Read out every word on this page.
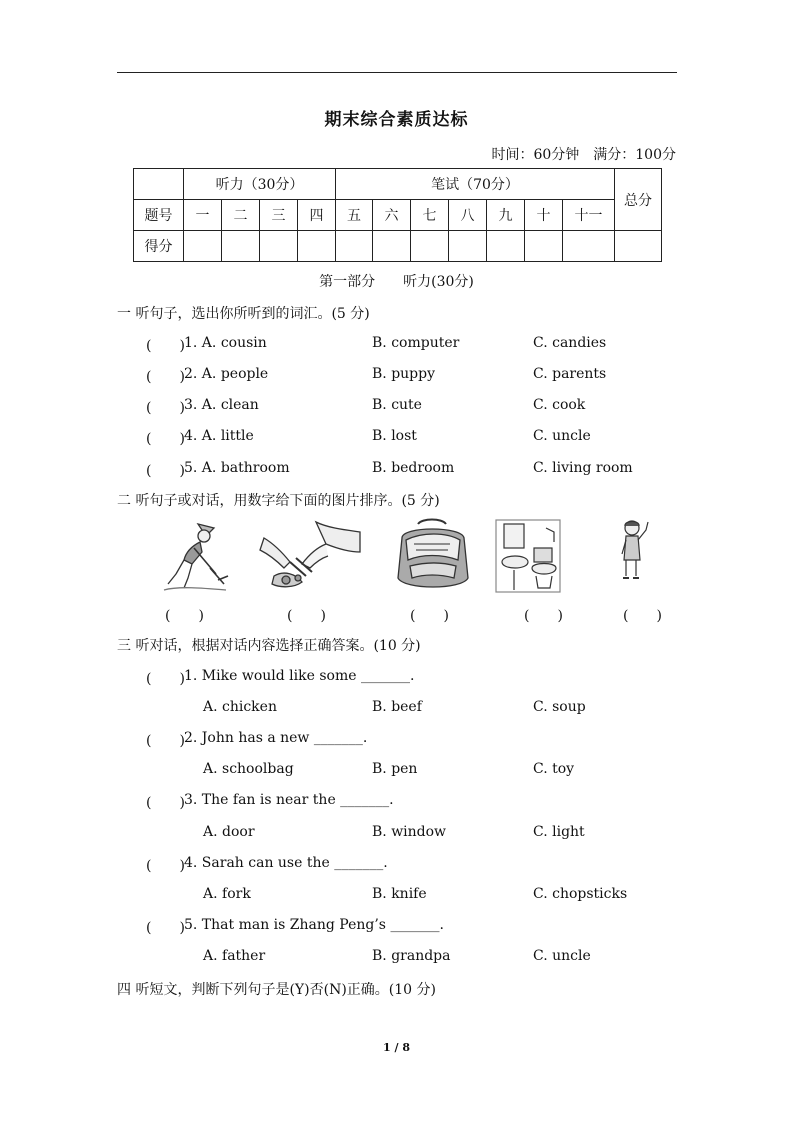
期末综合素质达标
时间：60分钟　满分：100分
	听力（30分）				笔试（70分）							总分
题号	一	二	三	四	五	六	七	八	九	十	十一	
得分												
第一部分 听力(30分)
一 听句子，选出你所听到的词汇。(5 分)
(　　) 1. A. cousin	B. computer	C. candies
(　　) 2. A. people	B. puppy	C. parents
(　　) 3. A. clean	B. cute	C. cook
(　　) 4. A. little	B. lost	C. uncle
(　　) 5. A. bathroom	B. bedroom	C. living room
二 听句子或对话，用数字给下面的图片排序。(5 分)
(　　)	(　　)	(　　)	(　　)	(　　)
三 听对话，根据对话内容选择正确答案。(10 分)
(　　) 1. Mike would like some _______.
A. chicken	B. beef	C. soup
(　　) 2. John has a new _______.
A. schoolbag	B. pen	C. toy
(　　) 3. The fan is near the _______.
A. door	B. window	C. light
(　　) 4. Sarah can use the _______.
A. fork	B. knife	C. chopsticks
(　　) 5. That man is Zhang Peng’s _______.
A. father	B. grandpa	C. uncle
四 听短文，判断下列句子是(Y)否(N)正确。(10 分)
1 / 8
